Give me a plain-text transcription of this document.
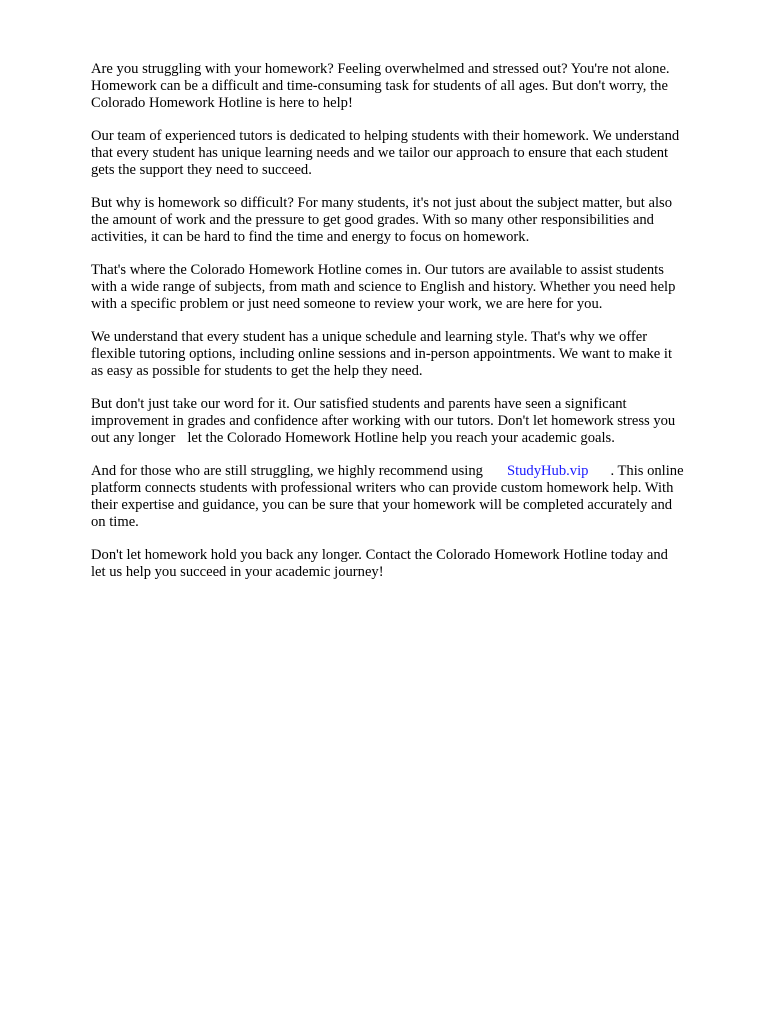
Are you struggling with your homework? Feeling overwhelmed and stressed out? You're not alone.
Homework can be a difficult and time-consuming task for students of all ages. But don't worry, the
Colorado Homework Hotline is here to help!

Our team of experienced tutors is dedicated to helping students with their homework. We understand
that every student has unique learning needs and we tailor our approach to ensure that each student
gets the support they need to succeed.

But why is homework so difficult? For many students, it's not just about the subject matter, but also
the amount of work and the pressure to get good grades. With so many other responsibilities and
activities, it can be hard to find the time and energy to focus on homework.

That's where the Colorado Homework Hotline comes in. Our tutors are available to assist students
with a wide range of subjects, from math and science to English and history. Whether you need help
with a specific problem or just need someone to review your work, we are here for you.

We understand that every student has a unique schedule and learning style. That's why we offer
flexible tutoring options, including online sessions and in-person appointments. We want to make it
as easy as possible for students to get the help they need.

But don't just take our word for it. Our satisfied students and parents have seen a significant
improvement in grades and confidence after working with our tutors. Don't let homework stress you
out any longer let the Colorado Homework Hotline help you reach your academic goals.

And for those who are still struggling, we highly recommend using StudyHub.vip . This online
platform connects students with professional writers who can provide custom homework help. With
their expertise and guidance, you can be sure that your homework will be completed accurately and
on time.

Don't let homework hold you back any longer. Contact the Colorado Homework Hotline today and
let us help you succeed in your academic journey!
